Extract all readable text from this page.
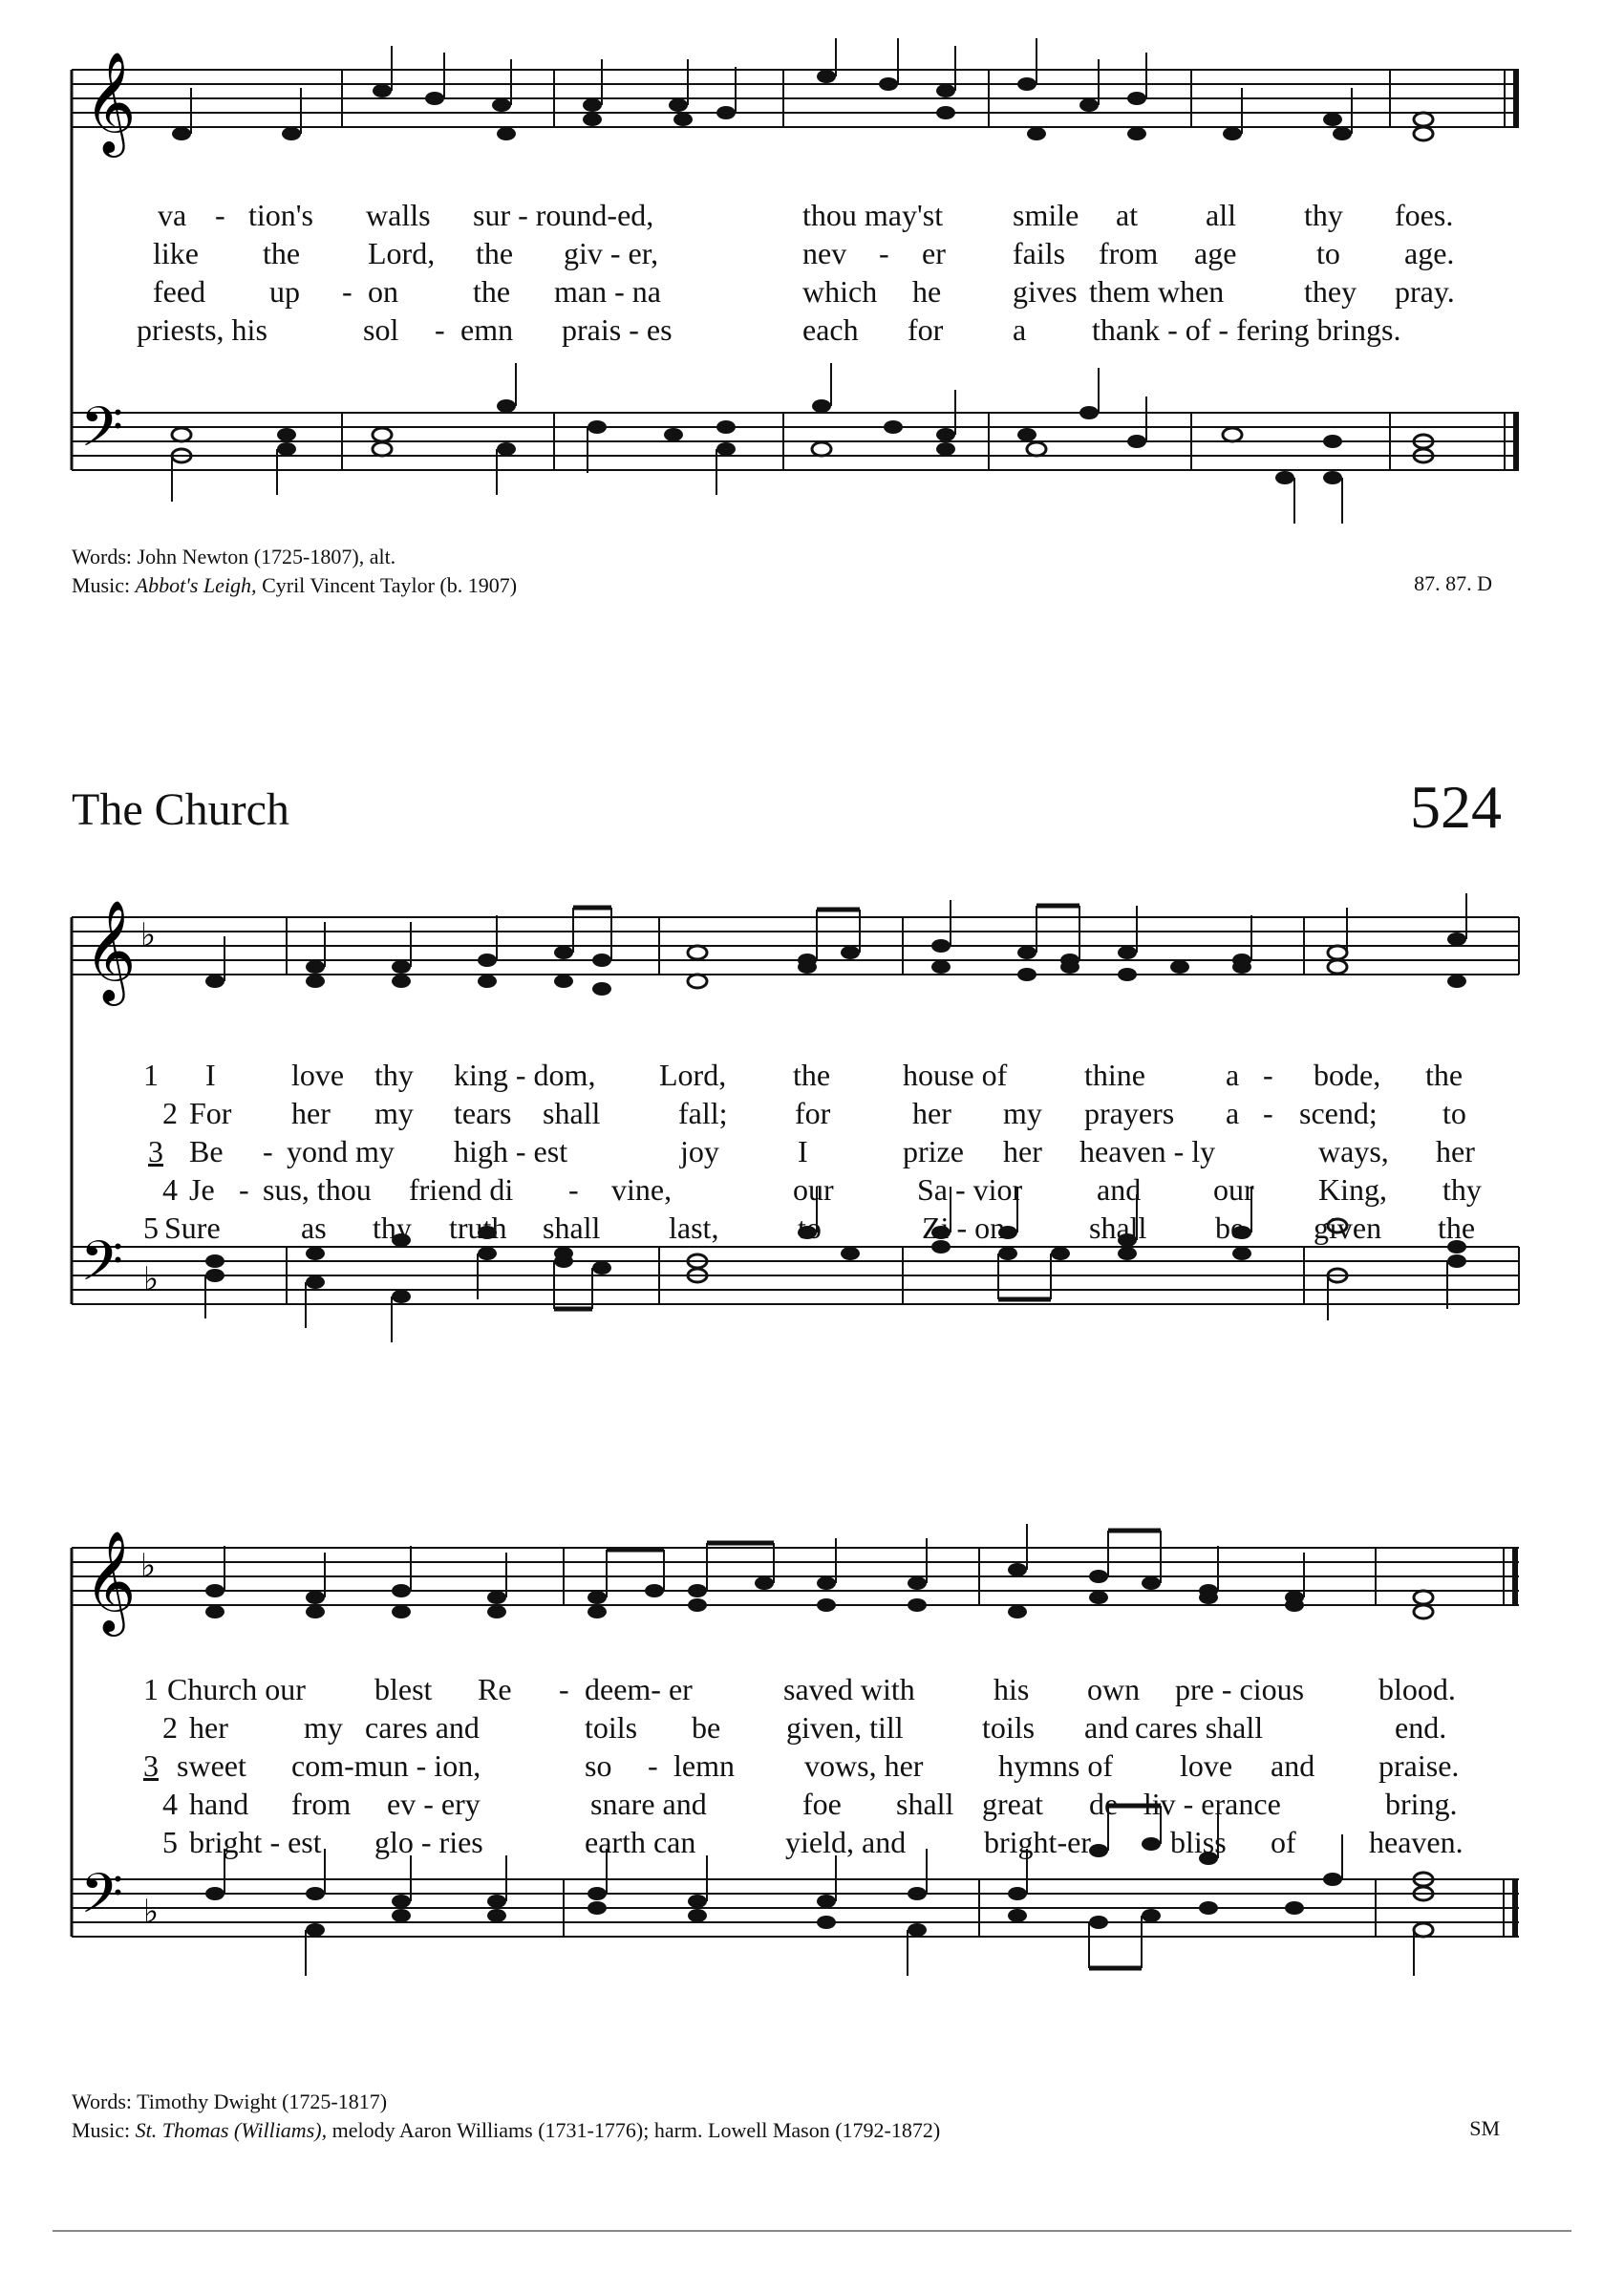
𝄞
𝄢
va - tion's walls sur - round-ed,	thou may'st smile at all thy foes.
like the Lord, the giv - er,	nev - er fails from age	to age.
feed up - on the man - na	which he gives them when	they pray.
priests, his	sol - emn prais - es	each for a thank - of - fering brings.
Words: John Newton (1725-1807), alt.
Music: Abbot's Leigh, Cyril Vincent Taylor (b. 1907)	87. 87. D
The Church	524
𝄞
𝄢
♭
♭
1 I love thy king - dom, Lord, the house of	thine	a - bode, the
2 For her my tears shall	fall; for	her my prayers a - scend; to
3 Be - yond my high - est	joy	I	prize her heaven - ly	ways, her
4 Je - sus, thou friend di - vine,	our	Sa - vior and our King, thy
5 Sure	as thy truth shall last,	to	Zi - on	shall be given the
𝄞
𝄢
♭
♭
1 Church our blest Re - deem- er	saved with	his own pre - cious blood.
2 her my cares and	toils be given, till	toils and cares shall	end.
3 sweet com-mun - ion,	so - lemn vows, her hymns of love and praise.
4 hand from ev - ery	snare and	foe shall great de - liv - erance	bring.
5 bright - est glo - ries	earth can	yield, and	bright-er	bliss of heaven.
Words: Timothy Dwight (1725-1817)
Music: St. Thomas (Williams), melody Aaron Williams (1731-1776); harm. Lowell Mason (1792-1872)	SM
